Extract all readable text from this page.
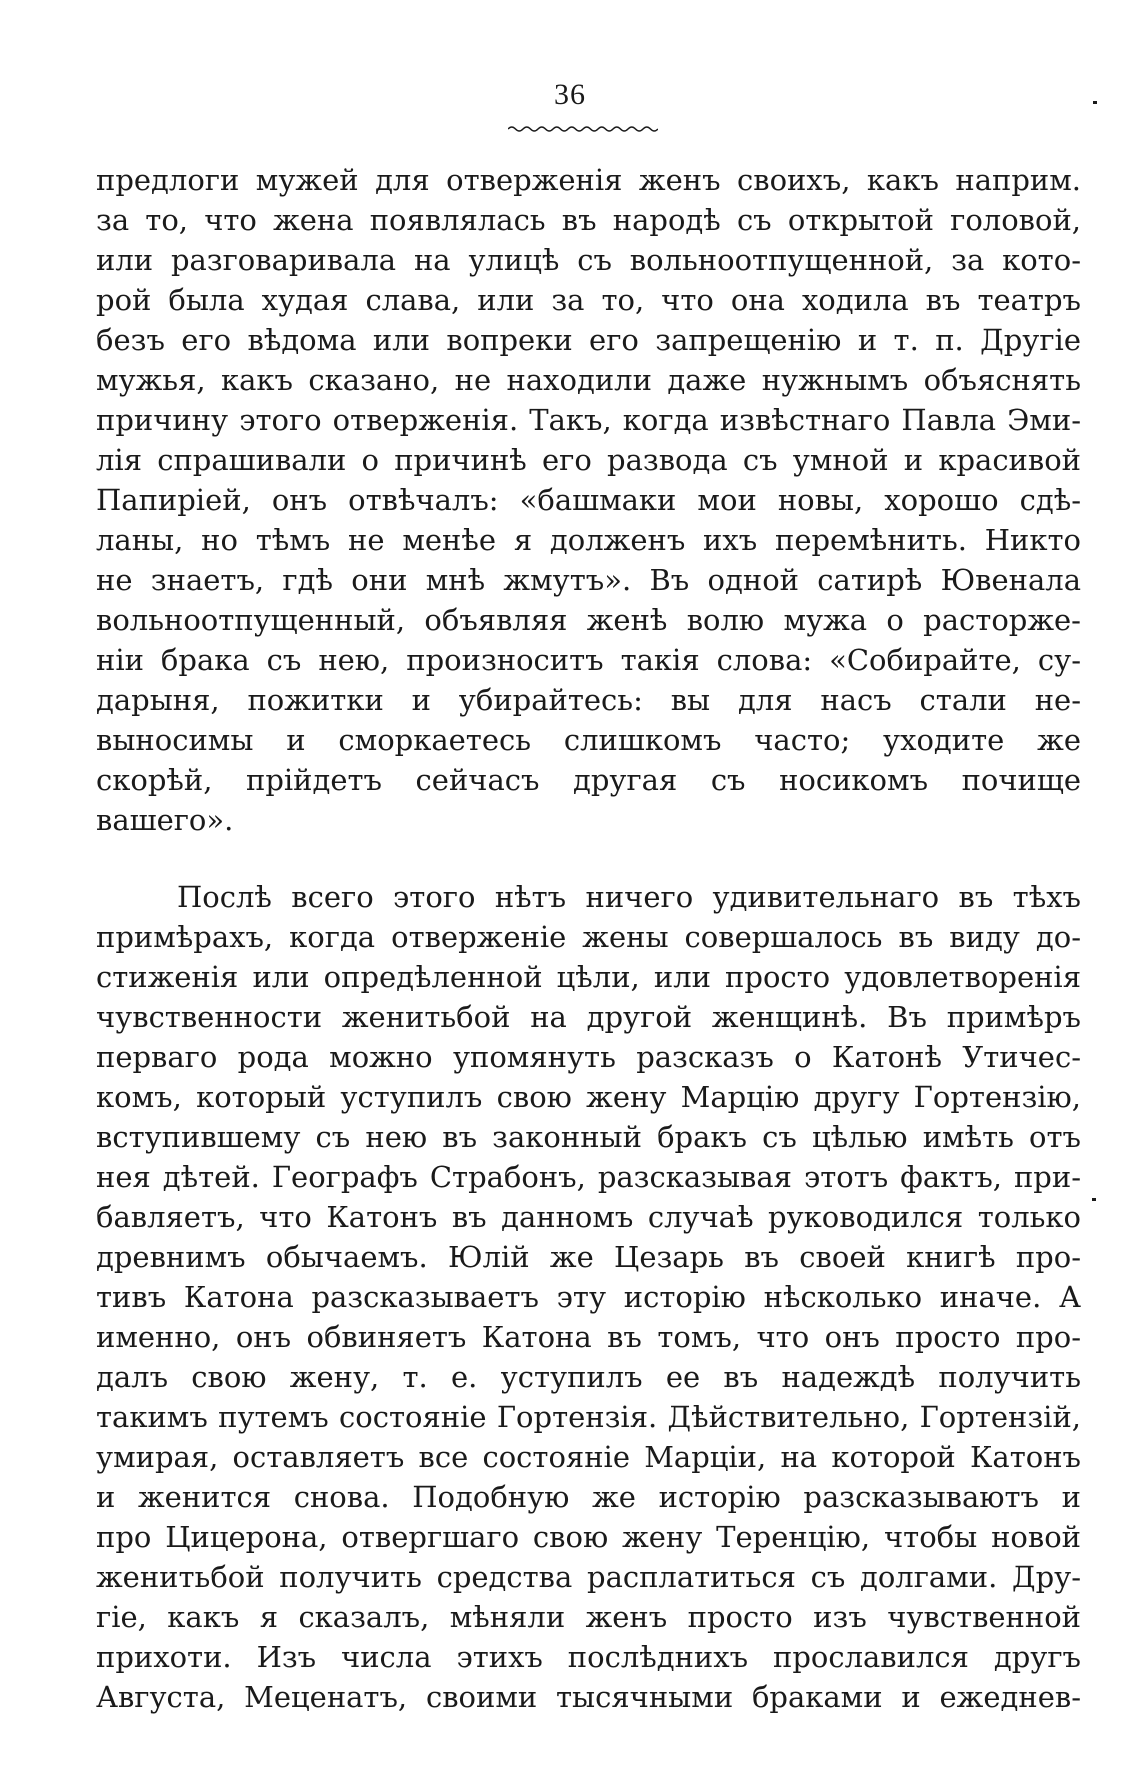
36
предлоги мужей для отверженія женъ своихъ, какъ наприм.
за то, что жена появлялась въ народѣ съ открытой головой,
или разговаривала на улицѣ съ вольноотпущенной, за кото-
рой была худая слава, или за то, что она ходила въ театръ
безъ его вѣдома или вопреки его запрещенію и т. п. Другіе
мужья, какъ сказано, не находили даже нужнымъ объяснять
причину этого отверженія. Такъ, когда извѣстнаго Павла Эми-
лія спрашивали о причинѣ его развода съ умной и красивой
Папиріей, онъ отвѣчалъ: «башмаки мои новы, хорошо сдѣ-
ланы, но тѣмъ не менѣе я долженъ ихъ перемѣнить. Никто
не знаетъ, гдѣ они мнѣ жмутъ». Въ одной сатирѣ Ювенала
вольноотпущенный, объявляя женѣ волю мужа о расторже-
ніи брака съ нею, произноситъ такія слова: «Собирайте, су-
дарыня, пожитки и убирайтесь: вы для насъ стали не-
выносимы и сморкаетесь слишкомъ часто; уходите же
скорѣй, прійдетъ сейчасъ другая съ носикомъ почище
вашего».
Послѣ всего этого нѣтъ ничего удивительнаго въ тѣхъ
примѣрахъ, когда отверженіе жены совершалось въ виду до-
стиженія или опредѣленной цѣли, или просто удовлетворенія
чувственности женитьбой на другой женщинѣ. Въ примѣръ
перваго рода можно упомянуть разсказъ о Катонѣ Утичес-
комъ, который уступилъ свою жену Марцію другу Гортензію,
вступившему съ нею въ законный бракъ съ цѣлью имѣть отъ
нея дѣтей. Географъ Страбонъ, разсказывая этотъ фактъ, при-
бавляетъ, что Катонъ въ данномъ случаѣ руководился только
древнимъ обычаемъ. Юлій же Цезарь въ своей книгѣ про-
тивъ Катона разсказываетъ эту исторію нѣсколько иначе. А
именно, онъ обвиняетъ Катона въ томъ, что онъ просто про-
далъ свою жену, т. е. уступилъ ее въ надеждѣ получить
такимъ путемъ состояніе Гортензія. Дѣйствительно, Гортензій,
умирая, оставляетъ все состояніе Марціи, на которой Катонъ
и женится снова. Подобную же исторію разсказываютъ и
про Цицерона, отвергшаго свою жену Теренцію, чтобы новой
женитьбой получить средства расплатиться съ долгами. Дру-
гіе, какъ я сказалъ, мѣняли женъ просто изъ чувственной
прихоти. Изъ числа этихъ послѣднихъ прославился другъ
Августа, Меценатъ, своими тысячными браками и ежеднев-
